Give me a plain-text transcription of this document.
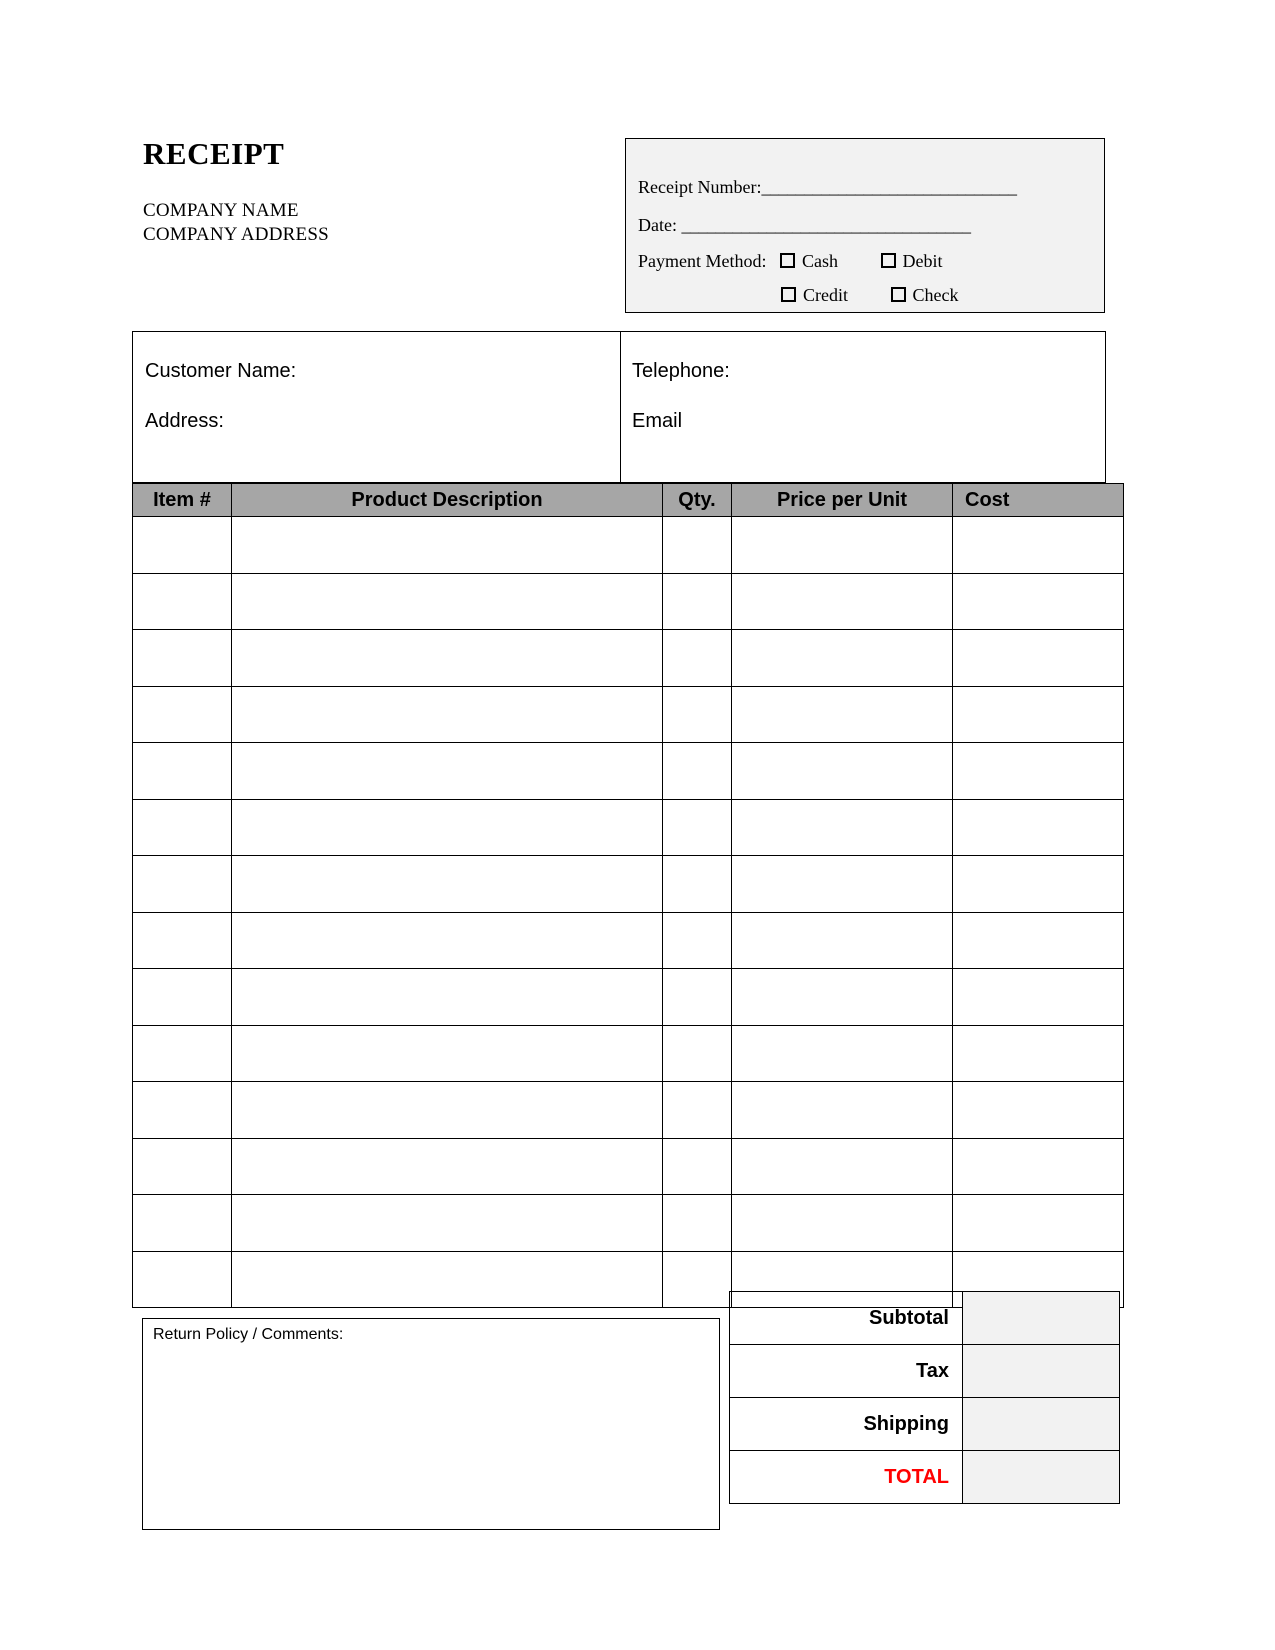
RECEIPT
COMPANY NAME
COMPANY ADDRESS
Receipt Number:______________________________
Date: __________________________________
Payment Method: Cash	Debit
Credit	Check
Customer Name:
Address:
Telephone:
Email
Item #	Product Description	Qty.	Price per Unit	Cost

Return Policy / Comments:
Subtotal	
Tax	
Shipping	
TOTAL	
